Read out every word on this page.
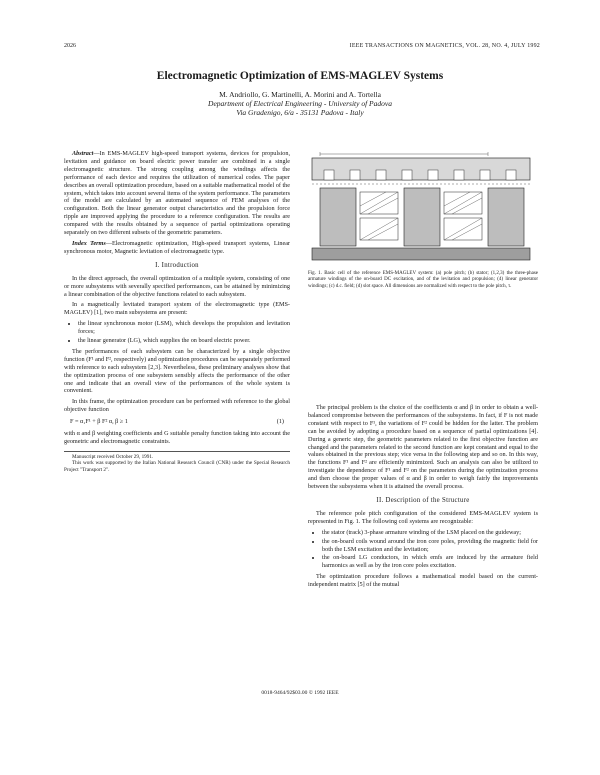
2026	IEEE TRANSACTIONS ON MAGNETICS, VOL. 28, NO. 4, JULY 1992
Electromagnetic Optimization of EMS-MAGLEV Systems
M. Andriollo, G. Martinelli, A. Morini and A. Tortella
Department of Electrical Engineering - University of Padova
Via Gradenigo, 6/a - 35131 Padova - Italy

Abstract—In EMS-MAGLEV high-speed transport systems, devices for propulsion, levitation and guidance on board electric power transfer are combined in a single electromagnetic structure. The strong coupling among the windings affects the performance of each device and requires the utilization of numerical codes. The paper describes an overall optimization procedure, based on a suitable mathematical model of the system, which takes into account several items of the system performance. The parameters of the model are calculated by an automated sequence of FEM analyses of the configuration. Both the linear generator output characteristics and the propulsion force ripple are improved applying the procedure to a reference configuration. The results are compared with the results obtained by a sequence of partial optimizations operating separately on two different subsets of the geometric parameters.

Index Terms—Electromagnetic optimization, High-speed transport systems, Linear synchronous motor, Magnetic levitation of electromagnetic type.

I. Introduction

In the direct approach, the overall optimization of a multiple system, consisting of one or more subsystems with severally specified performances, can be attained by minimizing a linear combination of the objective functions related to each subsystem.

In a magnetically levitated transport system of the electromagnetic type (EMS-MAGLEV) [1], two main subsystems are present:

• the linear synchronous motor (LSM), which develops the propulsion and levitation forces;
• the linear generator (LG), which supplies the on board electric power.

The performances of each subsystem can be characterized by a single objective function (F¹ and F², respectively) and optimization procedures can be separately performed with reference to each subsystem [2,3]. Nevertheless, these preliminary analyses show that the optimization process of one subsystem sensibly affects the performance of the other one and indicate that an overall view of the performances of the whole system is convenient.

In this frame, the optimization procedure can be performed with reference to the global objective function

F = α₁F¹ + β F² α, β ≥ 1	(1)

with α and β weighting coefficients and G suitable penalty function taking into account the geometric and electromagnetic constraints.

Manuscript received October 29, 1991.
This work was supported by the Italian National Research Council (CNR) under the Special Research Project "Transport 2".
Fig. 1. Basic cell of the reference EMS-MAGLEV system: (a) pole pitch; (b) stator; (1,2,3) the three-phase armature windings of the on-board DC excitation, and of the levitation and propulsion; (4) linear generator windings; (c) d.c. field; (d) slot space. All dimensions are normalized with respect to the pole pitch, τ.

The principal problem is the choice of the coefficients α and β in order to obtain a well-balanced compromise between the performances of the subsystems. In fact, if F is not made constant with respect to F¹, the variations of F² could be hidden for the latter. The problem can be avoided by adopting a procedure based on a sequence of partial optimizations [4]. During a generic step, the geometric parameters related to the first objective function are changed and the parameters related to the second function are kept constant and equal to the values obtained in the previous step; vice versa in the following step and so on. In this way, the functions F¹ and F² are efficiently minimized. Such an analysis can also be utilized to investigate the dependence of F¹ and F² on the parameters during the optimization process and then choose the proper values of α and β in order to weigh fairly the improvements between the subsystems when it is attained the overall process.

II. Description of the Structure

The reference pole pitch configuration of the considered EMS-MAGLEV system is represented in Fig. 1. The following coil systems are recognizable:

• the stator (track) 3-phase armature winding of the LSM placed on the guideway;
• the on-board coils wound around the iron core poles, providing the magnetic field for both the LSM excitation and the levitation;
• the on-board LG conductors, in which emfs are induced by the armature field harmonics as well as by the iron core poles excitation.

The optimization procedure follows a mathematical model based on the current-independent matrix [5] of the mutual

0018-9464/92$03.00 © 1992 IEEE
